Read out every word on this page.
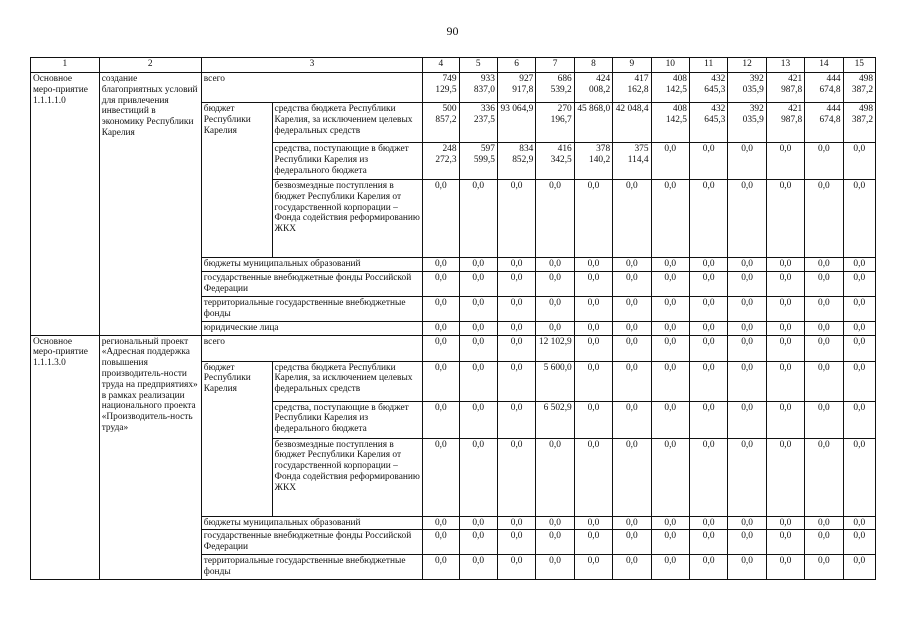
90
1	2	3		4	5	6	7	8	9	10	11	12	13	14	15
Основное меро-приятие 1.1.1.1.0	создание благоприятных условий для привлечения инвестиций в экономику Республики Карелия	всего		749 129,5	933 837,0	927 917,8	686 539,2	424 008,2	417 162,8	408 142,5	432 645,3	392 035,9	421 987,8	444 674,8	498 387,2
		бюджет Республики Карелия	средства бюджета Республики Карелия, за исключением целевых федеральных средств	500 857,2	336 237,5	93 064,9	270 196,7	45 868,0	42 048,4	408 142,5	432 645,3	392 035,9	421 987,8	444 674,8	498 387,2
			средства, поступающие в бюджет Республики Карелия из федерального бюджета	248 272,3	597 599,5	834 852,9	416 342,5	378 140,2	375 114,4	0,0	0,0	0,0	0,0	0,0	0,0
			безвозмездные поступления в бюджет Республики Карелия от государственной корпорации – Фонда содействия реформированию ЖКХ	0,0	0,0	0,0	0,0	0,0	0,0	0,0	0,0	0,0	0,0	0,0	0,0
		бюджеты муниципальных образований		0,0	0,0	0,0	0,0	0,0	0,0	0,0	0,0	0,0	0,0	0,0	0,0
		государственные внебюджетные фонды Российской Федерации		0,0	0,0	0,0	0,0	0,0	0,0	0,0	0,0	0,0	0,0	0,0	0,0
		территориальные государственные внебюджетные фонды		0,0	0,0	0,0	0,0	0,0	0,0	0,0	0,0	0,0	0,0	0,0	0,0
		юридические лица		0,0	0,0	0,0	0,0	0,0	0,0	0,0	0,0	0,0	0,0	0,0	0,0
Основное меро-приятие 1.1.1.3.0	региональный проект «Адресная поддержка повышения производитель-ности труда на предприятиях» в рамках реализации национального проекта «Производитель-ность труда»	всего		0,0	0,0	0,0	12 102,9	0,0	0,0	0,0	0,0	0,0	0,0	0,0	0,0
		бюджет Республики Карелия	средства бюджета Республики Карелия, за исключением целевых федеральных средств	0,0	0,0	0,0	5 600,0	0,0	0,0	0,0	0,0	0,0	0,0	0,0	0,0
			средства, поступающие в бюджет Республики Карелия из федерального бюджета	0,0	0,0	0,0	6 502,9	0,0	0,0	0,0	0,0	0,0	0,0	0,0	0,0
			безвозмездные поступления в бюджет Республики Карелия от государственной корпорации – Фонда содействия реформированию ЖКХ	0,0	0,0	0,0	0,0	0,0	0,0	0,0	0,0	0,0	0,0	0,0	0,0
		бюджеты муниципальных образований		0,0	0,0	0,0	0,0	0,0	0,0	0,0	0,0	0,0	0,0	0,0	0,0
		государственные внебюджетные фонды Российской Федерации		0,0	0,0	0,0	0,0	0,0	0,0	0,0	0,0	0,0	0,0	0,0	0,0
		территориальные государственные внебюджетные фонды		0,0	0,0	0,0	0,0	0,0	0,0	0,0	0,0	0,0	0,0	0,0	0,0
